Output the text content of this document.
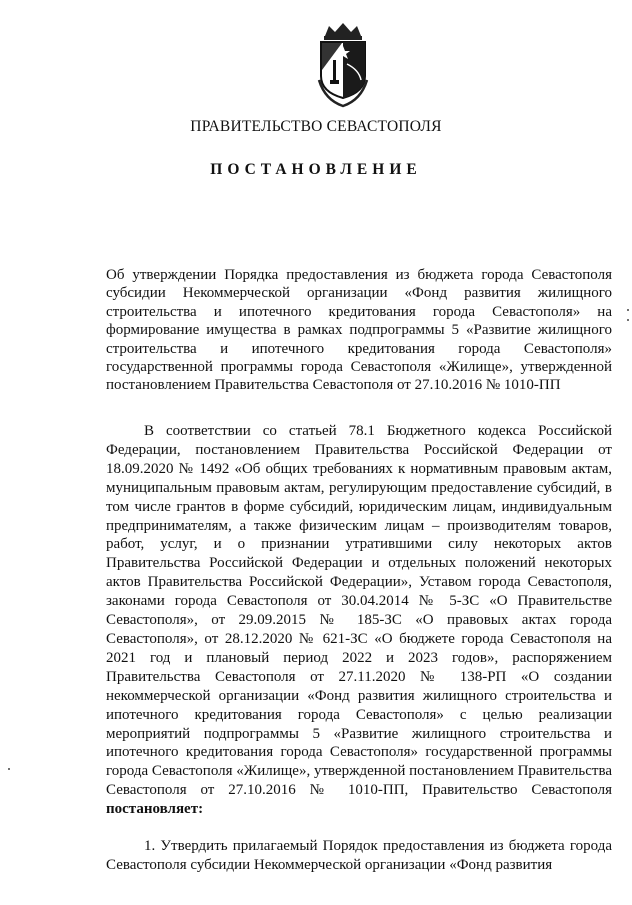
ПРАВИТЕЛЬСТВО СЕВАСТОПОЛЯ
ПОСТАНОВЛЕНИЕ
Об утверждении Порядка предоставления из бюджета города Севастополя субсидии Некоммерческой организации «Фонд развития жилищного строительства и ипотечного кредитования города Севастополя» на формирование имущества в рамках подпрограммы 5 «Развитие жилищного строительства и ипотечного кредитования города Севастополя» государственной программы города Севастополя «Жилище», утвержденной постановлением Правительства Севастополя от 27.10.2016 № 1010-ПП

В соответствии со статьей 78.1 Бюджетного кодекса Российской Федерации, постановлением Правительства Российской Федерации от 18.09.2020 № 1492 «Об общих требованиях к нормативным правовым актам, муниципальным правовым актам, регулирующим предоставление субсидий, в том числе грантов в форме субсидий, юридическим лицам, индивидуальным предпринимателям, а также физическим лицам – производителям товаров, работ, услуг, и о признании утратившими силу некоторых актов Правительства Российской Федерации и отдельных положений некоторых актов Правительства Российской Федерации», Уставом города Севастополя, законами города Севастополя от 30.04.2014 № 5-ЗС «О Правительстве Севастополя», от 29.09.2015 № 185-ЗС «О правовых актах города Севастополя», от 28.12.2020 № 621-ЗС «О бюджете города Севастополя на 2021 год и плановый период 2022 и 2023 годов», распоряжением Правительства Севастополя от 27.11.2020 № 138-РП «О создании некоммерческой организации «Фонд развития жилищного строительства и ипотечного кредитования города Севастополя» с целью реализации мероприятий подпрограммы 5 «Развитие жилищного строительства и ипотечного кредитования города Севастополя» государственной программы города Севастополя «Жилище», утвержденной постановлением Правительства Севастополя от 27.10.2016 № 1010-ПП, Правительство Севастополя постановляет:

1. Утвердить прилагаемый Порядок предоставления из бюджета города Севастополя субсидии Некоммерческой организации «Фонд развития
